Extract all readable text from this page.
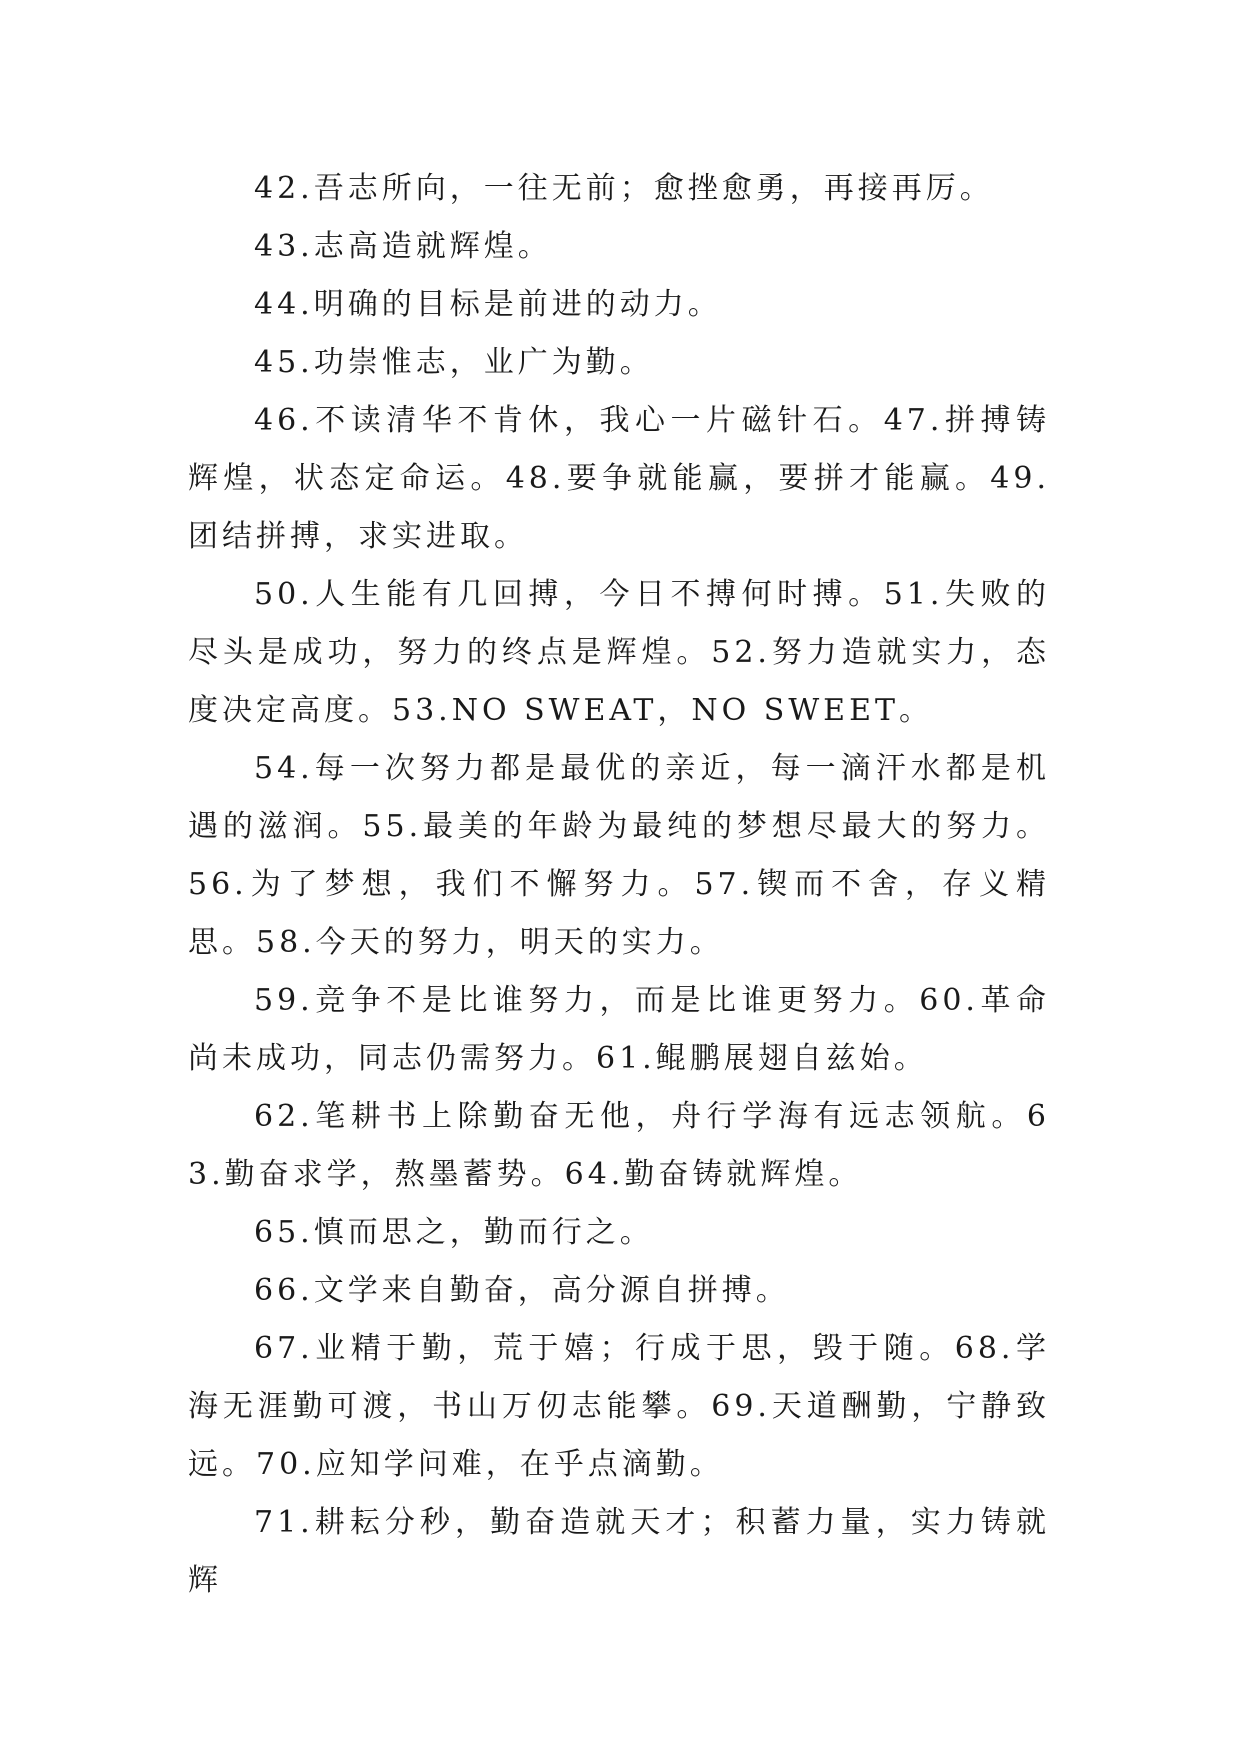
42.吾志所向，一往无前；愈挫愈勇，再接再厉。

43.志高造就辉煌。

44.明确的目标是前进的动力。

45.功崇惟志，业广为勤。

46.不读清华不肯休，我心一片磁针石。47.拼搏铸辉煌，状态定命运。48.要争就能赢，要拼才能赢。49.团结拼搏，求实进取。

50.人生能有几回搏，今日不搏何时搏。51.失败的尽头是成功，努力的终点是辉煌。52.努力造就实力，态度决定高度。53.NO SWEAT，NO SWEET。

54.每一次努力都是最优的亲近，每一滴汗水都是机遇的滋润。55.最美的年龄为最纯的梦想尽最大的努力。56.为了梦想，我们不懈努力。57.锲而不舍，存义精思。58.今天的努力，明天的实力。

59.竞争不是比谁努力，而是比谁更努力。60.革命尚未成功，同志仍需努力。61.鲲鹏展翅自兹始。

62.笔耕书上除勤奋无他，舟行学海有远志领航。63.勤奋求学，熬墨蓄势。64.勤奋铸就辉煌。

65.慎而思之，勤而行之。

66.文学来自勤奋，高分源自拼搏。

67.业精于勤，荒于嬉；行成于思，毁于随。68.学海无涯勤可渡，书山万仞志能攀。69.天道酬勤，宁静致远。70.应知学问难，在乎点滴勤。

71.耕耘分秒，勤奋造就天才；积蓄力量，实力铸就辉
